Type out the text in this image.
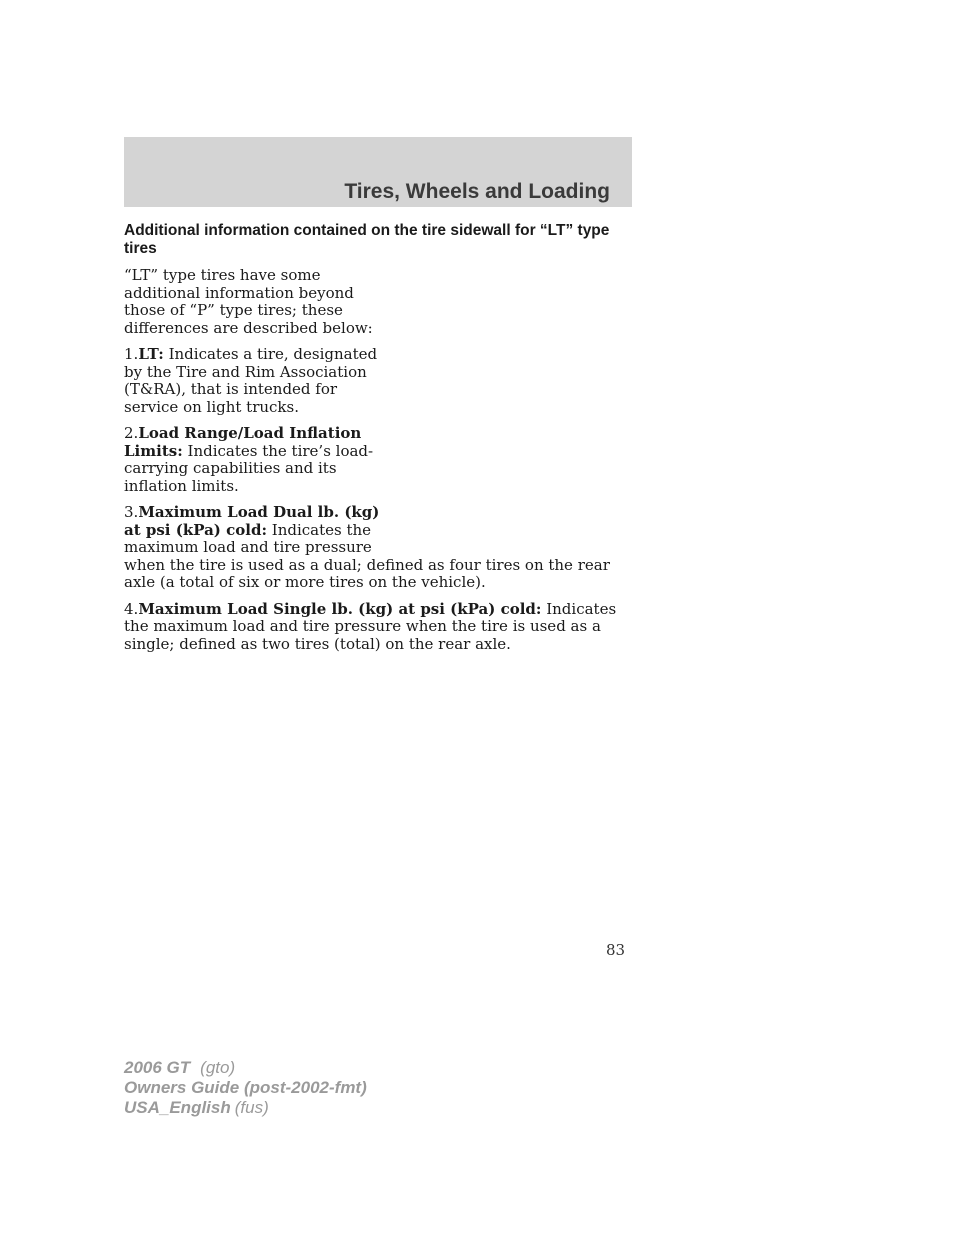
Tires, Wheels and Loading
Additional information contained on the tire sidewall for “LT” type tires

“LT” type tires have some additional information beyond those of “P” type tires; these differences are described below:

1.LT: Indicates a tire, designated by the Tire and Rim Association (T&RA), that is intended for service on light trucks.

2.Load Range/Load Inflation Limits: Indicates the tire’s load-carrying capabilities and its inflation limits.

3.Maximum Load Dual lb. (kg)
at psi (kPa) cold: Indicates the
maximum load and tire pressure
when the tire is used as a dual; defined as four tires on the rear axle (a total of six or more tires on the vehicle).

4.Maximum Load Single lb. (kg) at psi (kPa) cold: Indicates the maximum load and tire pressure when the tire is used as a single; defined as two tires (total) on the rear axle.

83
2006 GT (gto)
Owners Guide (post-2002-fmt)
USA_English (fus)
